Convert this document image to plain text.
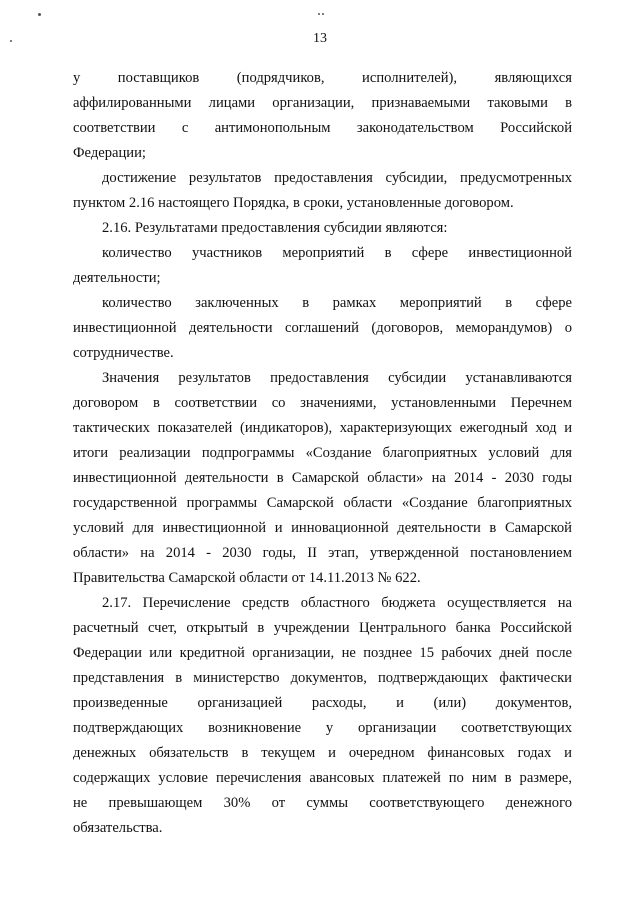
13
у поставщиков (подрядчиков, исполнителей), являющихся
аффилированными лицами организации, признаваемыми таковыми в
соответствии с антимонопольным законодательством Российской
Федерации;
достижение результатов предоставления субсидии, предусмотренных
пунктом 2.16 настоящего Порядка, в сроки, установленные договором.
2.16. Результатами предоставления субсидии являются:
количество участников мероприятий в сфере инвестиционной
деятельности;
количество заключенных в рамках мероприятий в сфере
инвестиционной деятельности соглашений (договоров, меморандумов) о
сотрудничестве.
Значения результатов предоставления субсидии устанавливаются
договором в соответствии со значениями, установленными Перечнем
тактических показателей (индикаторов), характеризующих ежегодный ход и
итоги реализации подпрограммы «Создание благоприятных условий для
инвестиционной деятельности в Самарской области» на 2014 - 2030 годы
государственной программы Самарской области «Создание благоприятных
условий для инвестиционной и инновационной деятельности в Самарской
области» на 2014 - 2030 годы, II этап, утвержденной постановлением
Правительства Самарской области от 14.11.2013 № 622.
2.17. Перечисление средств областного бюджета осуществляется на
расчетный счет, открытый в учреждении Центрального банка Российской
Федерации или кредитной организации, не позднее 15 рабочих дней после
представления в министерство документов, подтверждающих фактически
произведенные организацией расходы, и (или) документов,
подтверждающих возникновение у организации соответствующих
денежных обязательств в текущем и очередном финансовых годах и
содержащих условие перечисления авансовых платежей по ним в размере,
не превышающем 30% от суммы соответствующего денежного
обязательства.
